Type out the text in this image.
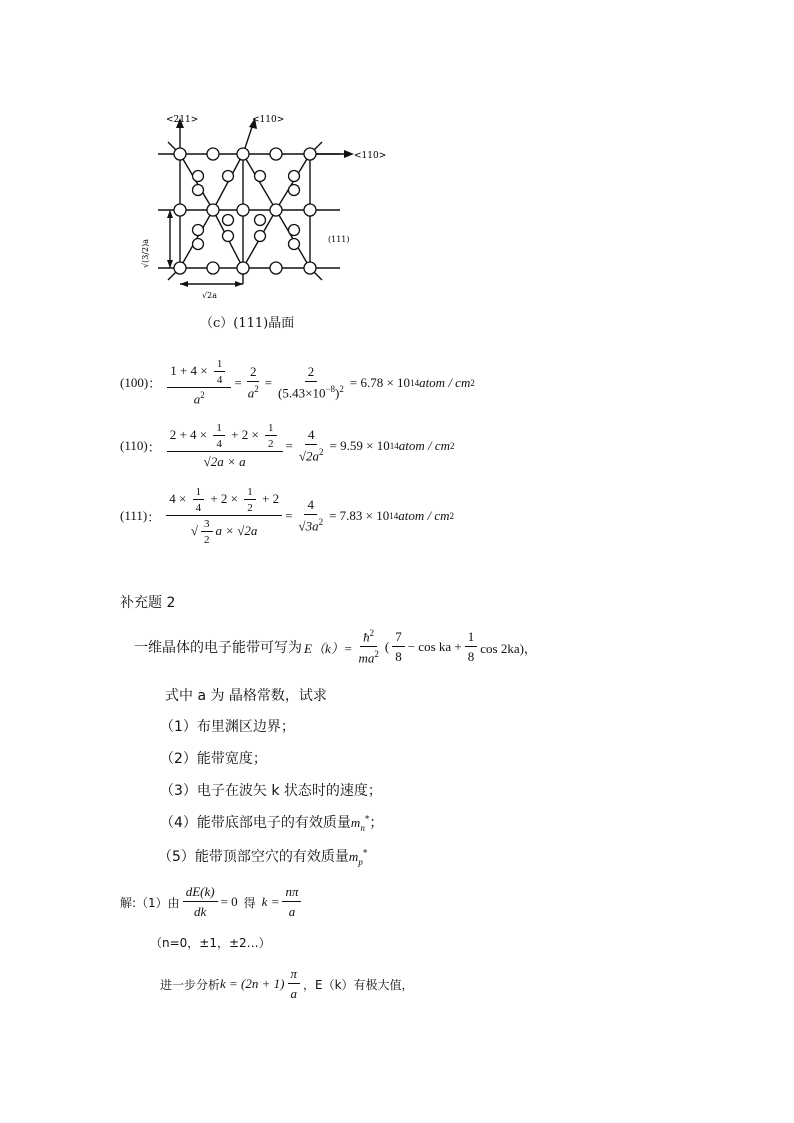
<211>	<110>
<110>
(111)
√(3/2)a
√2a
（c）(111)晶面
(100) ： $\frac{1 + 4 \times \frac{1}{4}}{a^2} = \frac{2}{a^2} = \frac{2}{(5.43\times 10^{-8})^2} = 6.78 \times 10$ 14 atom / cm 2
(110) ： $\frac{2 + 4 \times \frac{1}{4} + 2 \times \frac{1}{2}}{√2a \times a} = \frac{4}{√2a^2} = 9.59 \times 10$ 14 atom / cm 2
(111) ： $\frac{4 \times \frac{1}{4} + 2 \times \frac{1}{2} + 2}{√ \frac{3}{2} a \times √2a} = \frac{4}{√3a^2} = 7.83 \times 10$ 14 atom / cm 2
补充题 2
一维晶体的电子能带可写为 $E(k)= \frac{ħ^2}{ma^2}$ ( $\frac{7}{8} - \cos$ ka + $\frac{1}{8}$ cos 2ka)，
式中 a 为 晶格常数，试求
（1）布里渊区边界；
（2）能带宽度；
（3）电子在波矢 k 状态时的速度；
（4）能带底部电子的有效质量$m_n^*$；
（5）能带顶部空穴的有效质量$m_p^*$
解:（1）由 $\frac{dE(k)}{dk} = 0$ 得 $k = \frac{n\pi}{a}$
（n=0，±1，±2…）
进一步分析 $k = (2n + 1) \frac{\pi}{a}$ ，E（k）有极大值，
